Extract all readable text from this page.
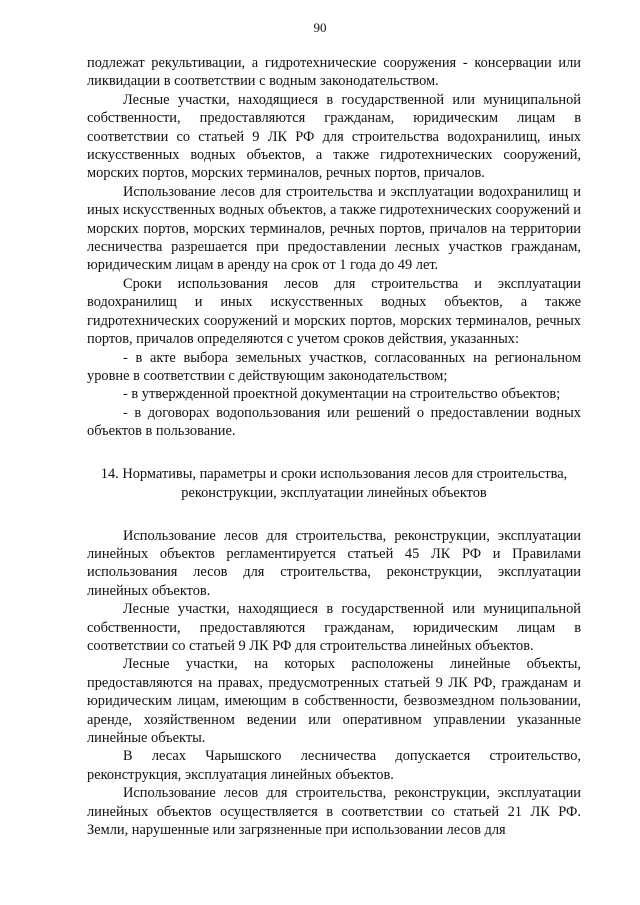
90

подлежат рекультивации, а гидротехнические сооружения - консервации или ликвидации в соответствии с водным законодательством.

Лесные участки, находящиеся в государственной или муниципальной собственности, предоставляются гражданам, юридическим лицам в соответствии со статьей 9 ЛК РФ для строительства водохранилищ, иных искусственных водных объектов, а также гидротехнических сооружений, морских портов, морских терминалов, речных портов, причалов.

Использование лесов для строительства и эксплуатации водохранилищ и иных искусственных водных объектов, а также гидротехнических сооружений и морских портов, морских терминалов, речных портов, причалов на территории лесничества разрешается при предоставлении лесных участков гражданам, юридическим лицам в аренду на срок от 1 года до 49 лет.

Сроки использования лесов для строительства и эксплуатации водохранилищ и иных искусственных водных объектов, а также гидротехнических сооружений и морских портов, морских терминалов, речных портов, причалов определяются с учетом сроков действия, указанных:

- в акте выбора земельных участков, согласованных на региональном уровне в соответствии с действующим законодательством;

- в утвержденной проектной документации на строительство объектов;

- в договорах водопользования или решений о предоставлении водных объектов в пользование.

14. Нормативы, параметры и сроки использования лесов для строительства, реконструкции, эксплуатации линейных объектов

Использование лесов для строительства, реконструкции, эксплуатации линейных объектов регламентируется статьей 45 ЛК РФ и Правилами использования лесов для строительства, реконструкции, эксплуатации линейных объектов.

Лесные участки, находящиеся в государственной или муниципальной собственности, предоставляются гражданам, юридическим лицам в соответствии со статьей 9 ЛК РФ для строительства линейных объектов.

Лесные участки, на которых расположены линейные объекты, предоставляются на правах, предусмотренных статьей 9 ЛК РФ, гражданам и юридическим лицам, имеющим в собственности, безвозмездном пользовании, аренде, хозяйственном ведении или оперативном управлении указанные линейные объекты.

В лесах Чарышского лесничества допускается строительство, реконструкция, эксплуатация линейных объектов.

Использование лесов для строительства, реконструкции, эксплуатации линейных объектов осуществляется в соответствии со статьей 21 ЛК РФ. Земли, нарушенные или загрязненные при использовании лесов для
